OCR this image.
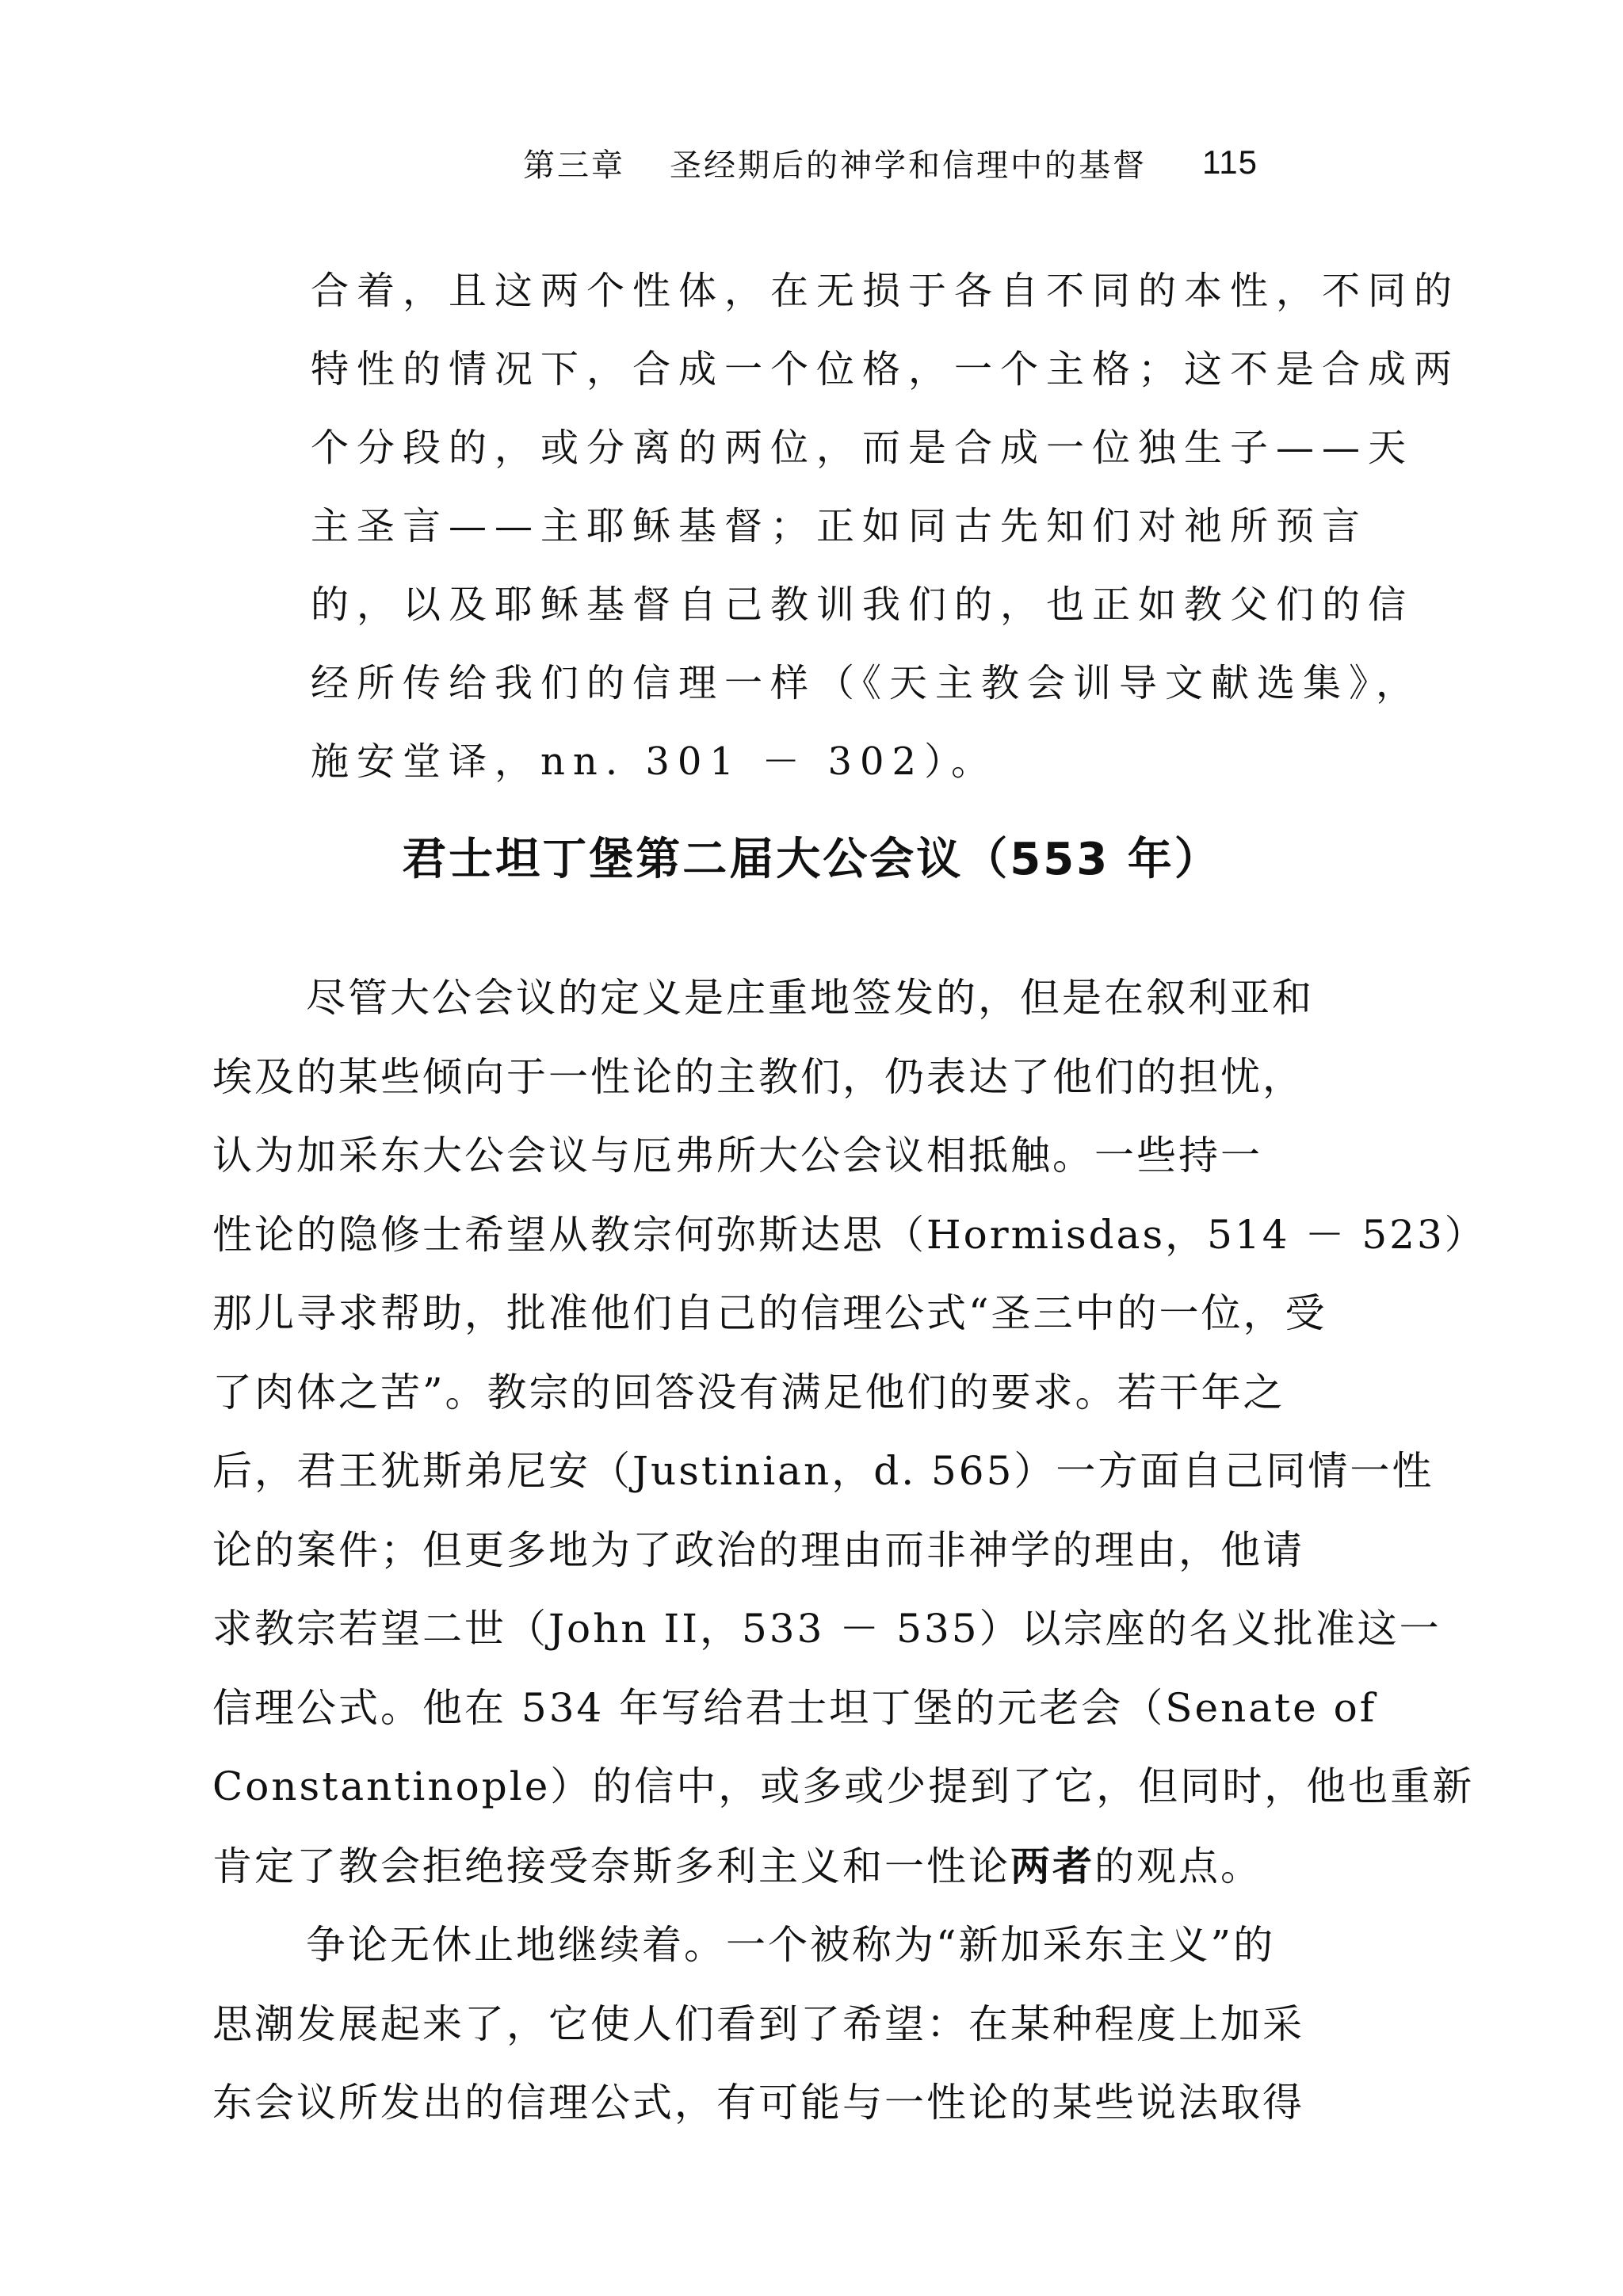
第三章 圣经期后的神学和信理中的基督 115
合着，且这两个性体，在无损于各自不同的本性，不同的
特性的情况下，合成一个位格，一个主格；这不是合成两
个分段的，或分离的两位，而是合成一位独生子——天
主圣言——主耶稣基督；正如同古先知们对祂所预言
的，以及耶稣基督自己教训我们的，也正如教父们的信
经所传给我们的信理一样（《天主教会训导文献选集》，
施安堂译，nn. 301 － 302）。
君士坦丁堡第二届大公会议（553 年）
尽管大公会议的定义是庄重地签发的，但是在叙利亚和
埃及的某些倾向于一性论的主教们，仍表达了他们的担忧，
认为加采东大公会议与厄弗所大公会议相抵触。一些持一
性论的隐修士希望从教宗何弥斯达思（Hormisdas，514 － 523）
那儿寻求帮助，批准他们自己的信理公式“圣三中的一位，受
了肉体之苦”。教宗的回答没有满足他们的要求。若干年之
后，君王犹斯弟尼安（Justinian，d. 565）一方面自己同情一性
论的案件；但更多地为了政治的理由而非神学的理由，他请
求教宗若望二世（John II，533 － 535）以宗座的名义批准这一
信理公式。他在 534 年写给君士坦丁堡的元老会（Senate of
Constantinople）的信中，或多或少提到了它，但同时，他也重新
肯定了教会拒绝接受奈斯多利主义和一性论两者的观点。
争论无休止地继续着。一个被称为“新加采东主义”的
思潮发展起来了，它使人们看到了希望：在某种程度上加采
东会议所发出的信理公式，有可能与一性论的某些说法取得
